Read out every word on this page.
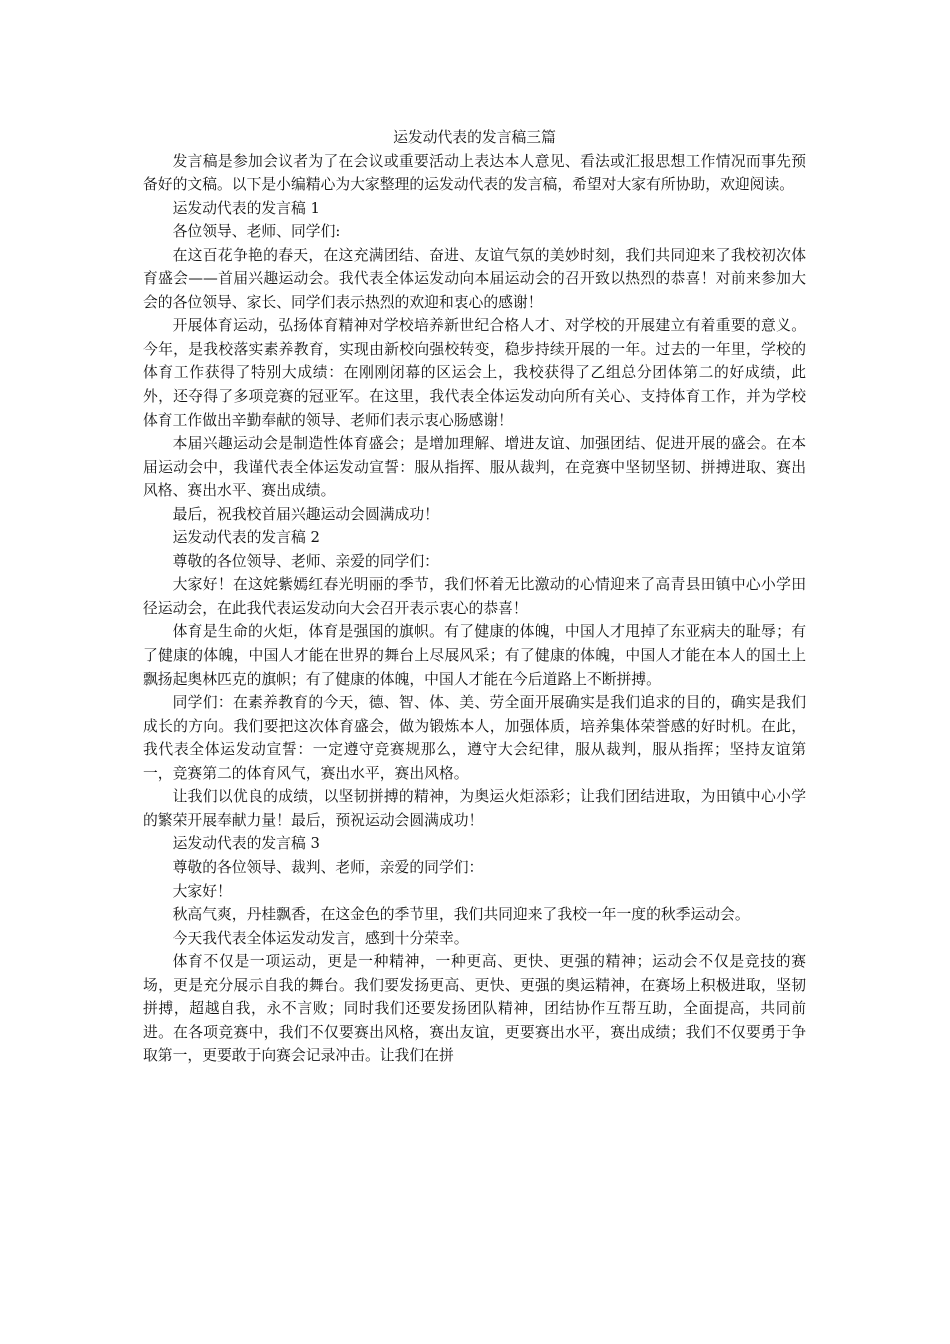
运发动代表的发言稿三篇

发言稿是参加会议者为了在会议或重要活动上表达本人意见、看法或汇报思想工作情况而事先预备好的文稿。以下是小编精心为大家整理的运发动代表的发言稿，希望对大家有所协助，欢迎阅读。

运发动代表的发言稿 1

各位领导、老师、同学们:

在这百花争艳的春天，在这充满团结、奋进、友谊气氛的美妙时刻，我们共同迎来了我校初次体育盛会——首届兴趣运动会。我代表全体运发动向本届运动会的召开致以热烈的恭喜！对前来参加大会的各位领导、家长、同学们表示热烈的欢迎和衷心的感谢！

开展体育运动，弘扬体育精神对学校培养新世纪合格人才、对学校的开展建立有着重要的意义。今年，是我校落实素养教育，实现由新校向强校转变，稳步持续开展的一年。过去的一年里，学校的体育工作获得了特别大成绩：在刚刚闭幕的区运会上，我校获得了乙组总分团体第二的好成绩，此外，还夺得了多项竞赛的冠亚军。在这里，我代表全体运发动向所有关心、支持体育工作，并为学校体育工作做出辛勤奉献的领导、老师们表示衷心肠感谢！

本届兴趣运动会是制造性体育盛会；是增加理解、增进友谊、加强团结、促进开展的盛会。在本届运动会中，我谨代表全体运发动宣誓：服从指挥、服从裁判，在竞赛中坚韧坚韧、拼搏进取、赛出风格、赛出水平、赛出成绩。

最后，祝我校首届兴趣运动会圆满成功！

运发动代表的发言稿 2

尊敬的各位领导、老师、亲爱的同学们：

大家好！在这姹紫嫣红春光明丽的季节，我们怀着无比激动的心情迎来了高青县田镇中心小学田径运动会，在此我代表运发动向大会召开表示衷心的恭喜！

体育是生命的火炬，体育是强国的旗帜。有了健康的体魄，中国人才甩掉了东亚病夫的耻辱；有了健康的体魄，中国人才能在世界的舞台上尽展风采；有了健康的体魄，中国人才能在本人的国土上飘扬起奥林匹克的旗帜；有了健康的体魄，中国人才能在今后道路上不断拼搏。

同学们：在素养教育的今天，德、智、体、美、劳全面开展确实是我们追求的目的，确实是我们成长的方向。我们要把这次体育盛会，做为锻炼本人，加强体质，培养集体荣誉感的好时机。在此，我代表全体运发动宣誓：一定遵守竞赛规那么，遵守大会纪律，服从裁判，服从指挥；坚持友谊第一，竞赛第二的体育风气，赛出水平，赛出风格。

让我们以优良的成绩，以坚韧拼搏的精神，为奥运火炬添彩；让我们团结进取，为田镇中心小学的繁荣开展奉献力量！最后，预祝运动会圆满成功！

运发动代表的发言稿 3

尊敬的各位领导、裁判、老师，亲爱的同学们：

大家好！

秋高气爽，丹桂飘香，在这金色的季节里，我们共同迎来了我校一年一度的秋季运动会。

今天我代表全体运发动发言，感到十分荣幸。

体育不仅是一项运动，更是一种精神，一种更高、更快、更强的精神；运动会不仅是竞技的赛场，更是充分展示自我的舞台。我们要发扬更高、更快、更强的奥运精神，在赛场上积极进取，坚韧拼搏，超越自我，永不言败；同时我们还要发扬团队精神，团结协作互帮互助，全面提高，共同前进。在各项竞赛中，我们不仅要赛出风格，赛出友谊，更要赛出水平，赛出成绩；我们不仅要勇于争取第一，更要敢于向赛会记录冲击。让我们在拼
